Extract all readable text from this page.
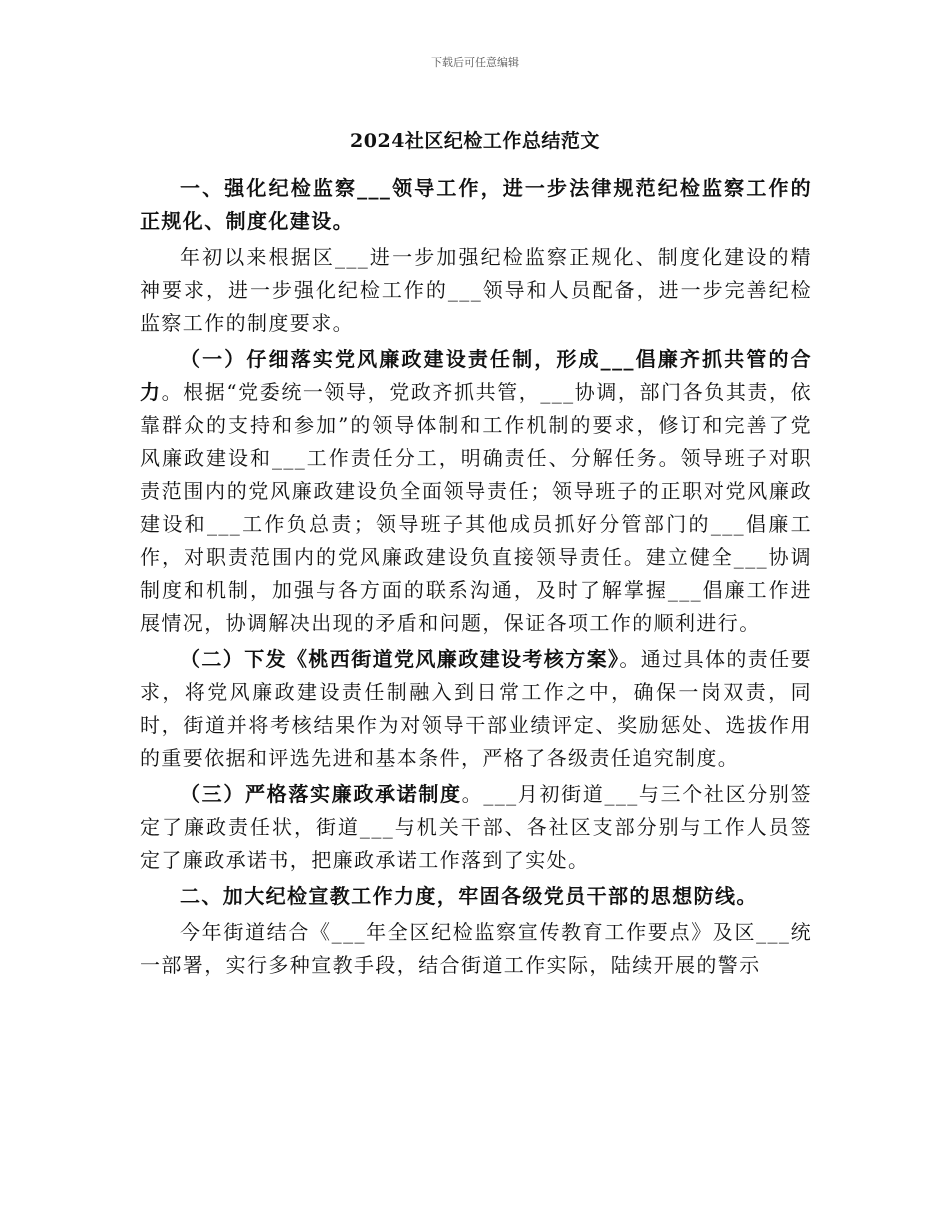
下载后可任意编辑
2024社区纪检工作总结范文

一、强化纪检监察___领导工作，进一步法律规范纪检监察工作的正规化、制度化建设。

年初以来根据区___进一步加强纪检监察正规化、制度化建设的精神要求，进一步强化纪检工作的___领导和人员配备，进一步完善纪检监察工作的制度要求。

（一）仔细落实党风廉政建设责任制，形成___倡廉齐抓共管的合力。根据“党委统一领导，党政齐抓共管，___协调，部门各负其责，依靠群众的支持和参加”的领导体制和工作机制的要求，修订和完善了党风廉政建设和___工作责任分工，明确责任、分解任务。领导班子对职责范围内的党风廉政建设负全面领导责任；领导班子的正职对党风廉政建设和___工作负总责；领导班子其他成员抓好分管部门的___倡廉工作，对职责范围内的党风廉政建设负直接领导责任。建立健全___协调制度和机制，加强与各方面的联系沟通，及时了解掌握___倡廉工作进展情况，协调解决出现的矛盾和问题，保证各项工作的顺利进行。

（二）下发《桃西街道党风廉政建设考核方案》。通过具体的责任要求，将党风廉政建设责任制融入到日常工作之中，确保一岗双责，同时，街道并将考核结果作为对领导干部业绩评定、奖励惩处、选拔作用的重要依据和评选先进和基本条件，严格了各级责任追究制度。

（三）严格落实廉政承诺制度。___月初街道___与三个社区分别签定了廉政责任状，街道___与机关干部、各社区支部分别与工作人员签定了廉政承诺书，把廉政承诺工作落到了实处。

二、加大纪检宣教工作力度，牢固各级党员干部的思想防线。

今年街道结合《___年全区纪检监察宣传教育工作要点》及区___统一部署，实行多种宣教手段，结合街道工作实际，陆续开展的警示
